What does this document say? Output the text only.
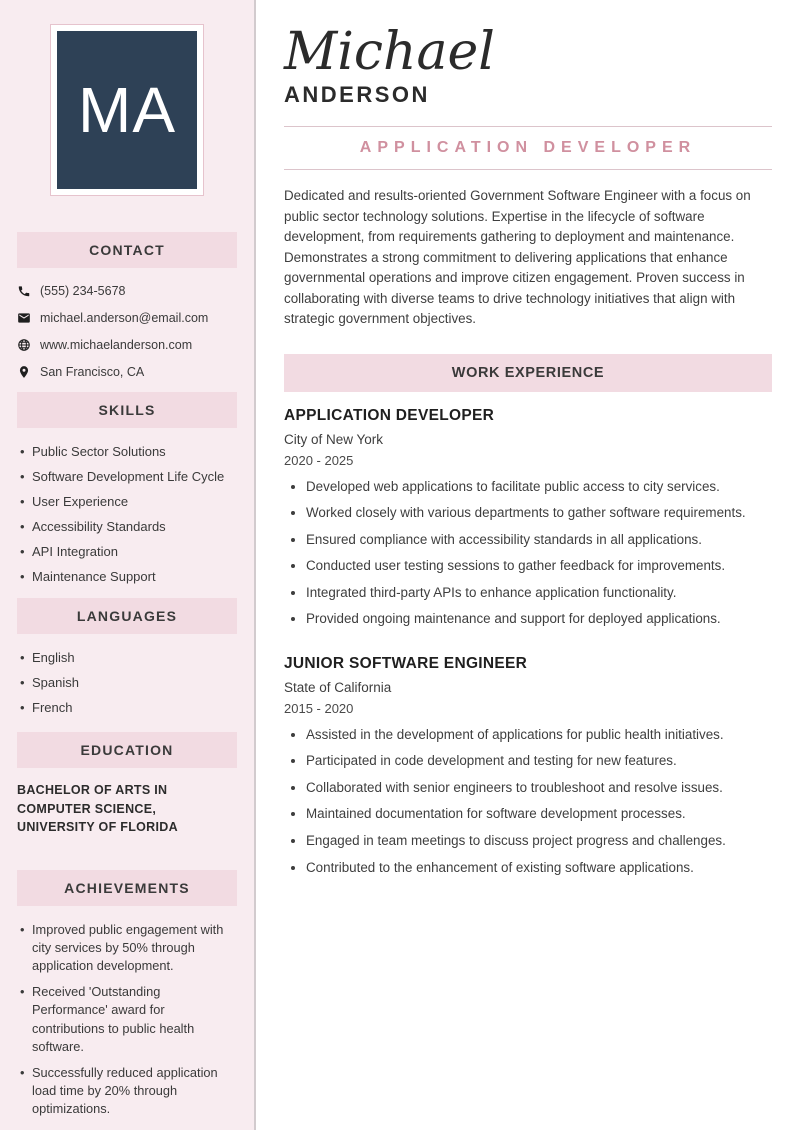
MA
CONTACT
(555) 234-5678
michael.anderson@email.com
www.michaelanderson.com
San Francisco, CA
SKILLS
• Public Sector Solutions
• Software Development Life Cycle
• User Experience
• Accessibility Standards
• API Integration
• Maintenance Support
LANGUAGES
• English
• Spanish
• French
EDUCATION

BACHELOR OF ARTS IN COMPUTER SCIENCE, UNIVERSITY OF FLORIDA

ACHIEVEMENTS
• Improved public engagement with city services by 50% through application development.
• Received 'Outstanding Performance' award for contributions to public health software.
• Successfully reduced application load time by 20% through optimizations.
Michael
ANDERSON
APPLICATION DEVELOPER

Dedicated and results-oriented Government Software Engineer with a focus on public sector technology solutions. Expertise in the lifecycle of software development, from requirements gathering to deployment and maintenance. Demonstrates a strong commitment to delivering applications that enhance governmental operations and improve citizen engagement. Proven success in collaborating with diverse teams to drive technology initiatives that align with strategic government objectives.

WORK EXPERIENCE
APPLICATION DEVELOPER
City of New York
2020 - 2025
• Developed web applications to facilitate public access to city services.
• Worked closely with various departments to gather software requirements.
• Ensured compliance with accessibility standards in all applications.
• Conducted user testing sessions to gather feedback for improvements.
• Integrated third-party APIs to enhance application functionality.
• Provided ongoing maintenance and support for deployed applications.
JUNIOR SOFTWARE ENGINEER
State of California
2015 - 2020
• Assisted in the development of applications for public health initiatives.
• Participated in code development and testing for new features.
• Collaborated with senior engineers to troubleshoot and resolve issues.
• Maintained documentation for software development processes.
• Engaged in team meetings to discuss project progress and challenges.
• Contributed to the enhancement of existing software applications.
